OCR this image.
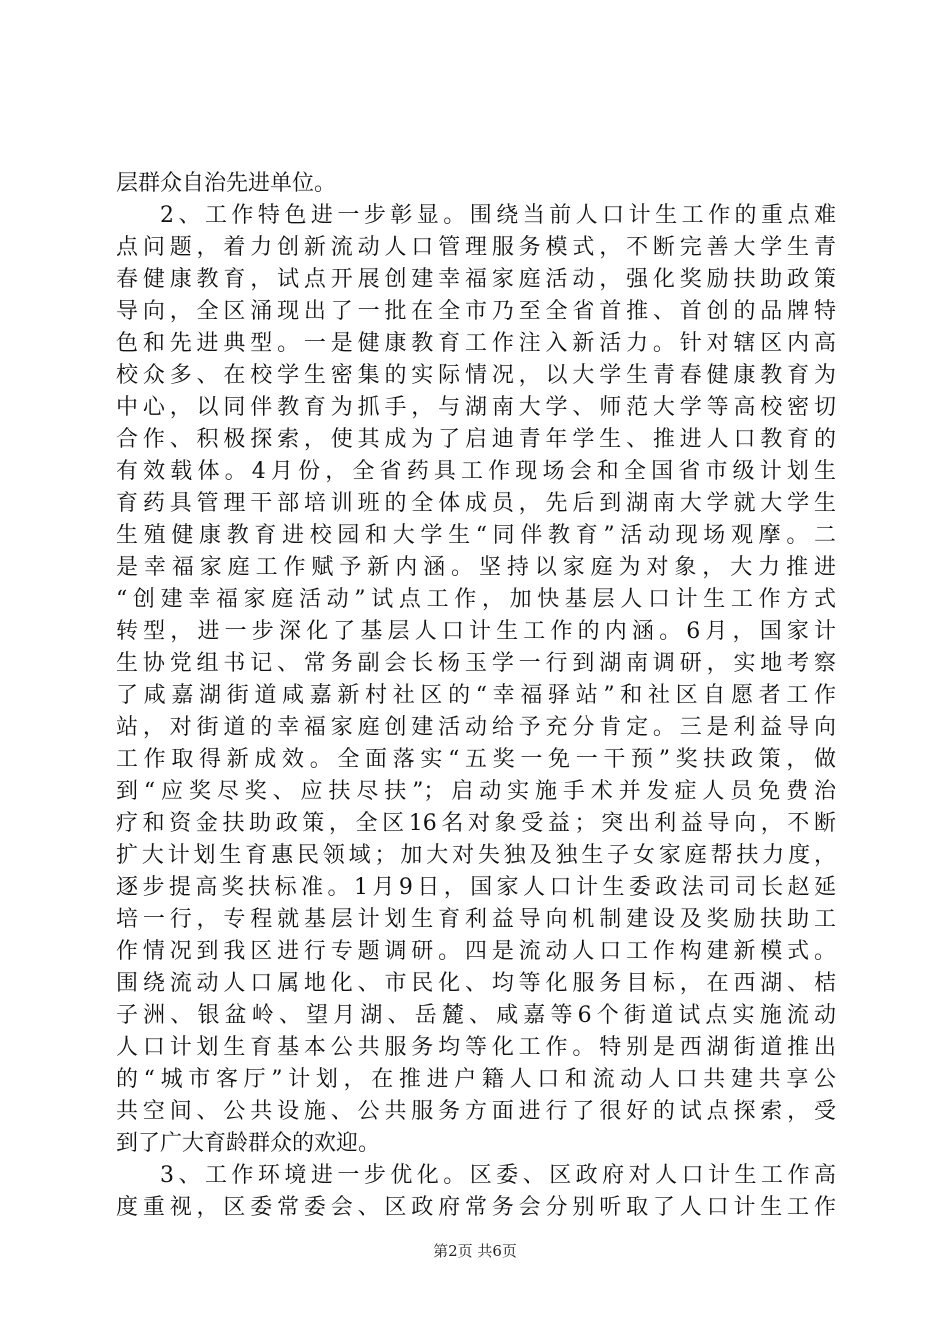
层群众自治先进单位。
2、工作特色进一步彰显。围绕当前人口计生工作的重点难
点问题，着力创新流动人口管理服务模式，不断完善大学生青
春健康教育，试点开展创建幸福家庭活动，强化奖励扶助政策
导向，全区涌现出了一批在全市乃至全省首推、首创的品牌特
色和先进典型。一是健康教育工作注入新活力。针对辖区内高
校众多、在校学生密集的实际情况，以大学生青春健康教育为
中心，以同伴教育为抓手，与湖南大学、师范大学等高校密切
合作、积极探索，使其成为了启迪青年学生、推进人口教育的
有效载体。4月份，全省药具工作现场会和全国省市级计划生
育药具管理干部培训班的全体成员，先后到湖南大学就大学生
生殖健康教育进校园和大学生“同伴教育”活动现场观摩。二
是幸福家庭工作赋予新内涵。坚持以家庭为对象，大力推进
“创建幸福家庭活动”试点工作，加快基层人口计生工作方式
转型，进一步深化了基层人口计生工作的内涵。6月，国家计
生协党组书记、常务副会长杨玉学一行到湖南调研，实地考察
了咸嘉湖街道咸嘉新村社区的“幸福驿站”和社区自愿者工作
站，对街道的幸福家庭创建活动给予充分肯定。三是利益导向
工作取得新成效。全面落实“五奖一免一干预”奖扶政策，做
到“应奖尽奖、应扶尽扶”；启动实施手术并发症人员免费治
疗和资金扶助政策，全区16名对象受益；突出利益导向，不断
扩大计划生育惠民领域；加大对失独及独生子女家庭帮扶力度，
逐步提高奖扶标准。1月9日，国家人口计生委政法司司长赵延
培一行，专程就基层计划生育利益导向机制建设及奖励扶助工
作情况到我区进行专题调研。四是流动人口工作构建新模式。
围绕流动人口属地化、市民化、均等化服务目标，在西湖、桔
子洲、银盆岭、望月湖、岳麓、咸嘉等6个街道试点实施流动
人口计划生育基本公共服务均等化工作。特别是西湖街道推出
的“城市客厅”计划，在推进户籍人口和流动人口共建共享公
共空间、公共设施、公共服务方面进行了很好的试点探索，受
到了广大育龄群众的欢迎。
3、工作环境进一步优化。区委、区政府对人口计生工作高
度重视，区委常委会、区政府常务会分别听取了人口计生工作
第2页 共6页
